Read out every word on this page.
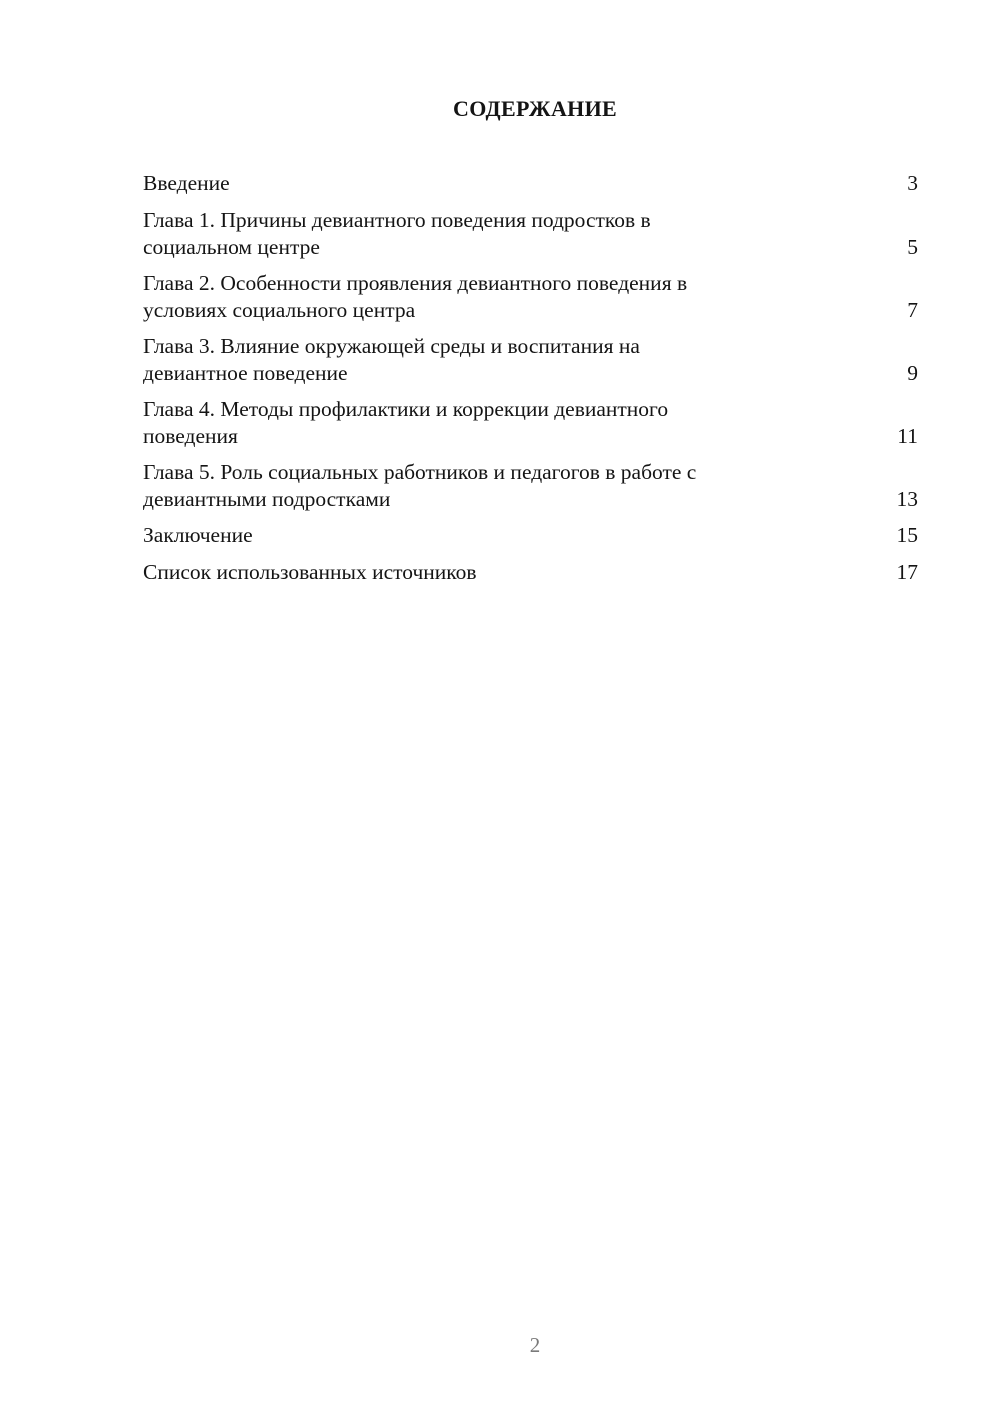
СОДЕРЖАНИЕ
Введение	3
Глава 1. Причины девиантного поведения подростков в
социальном центре	5
Глава 2. Особенности проявления девиантного поведения в
условиях социального центра	7
Глава 3. Влияние окружающей среды и воспитания на
девиантное поведение	9
Глава 4. Методы профилактики и коррекции девиантного
поведения	11
Глава 5. Роль социальных работников и педагогов в работе с
девиантными подростками	13
Заключение	15
Список использованных источников	17
2
